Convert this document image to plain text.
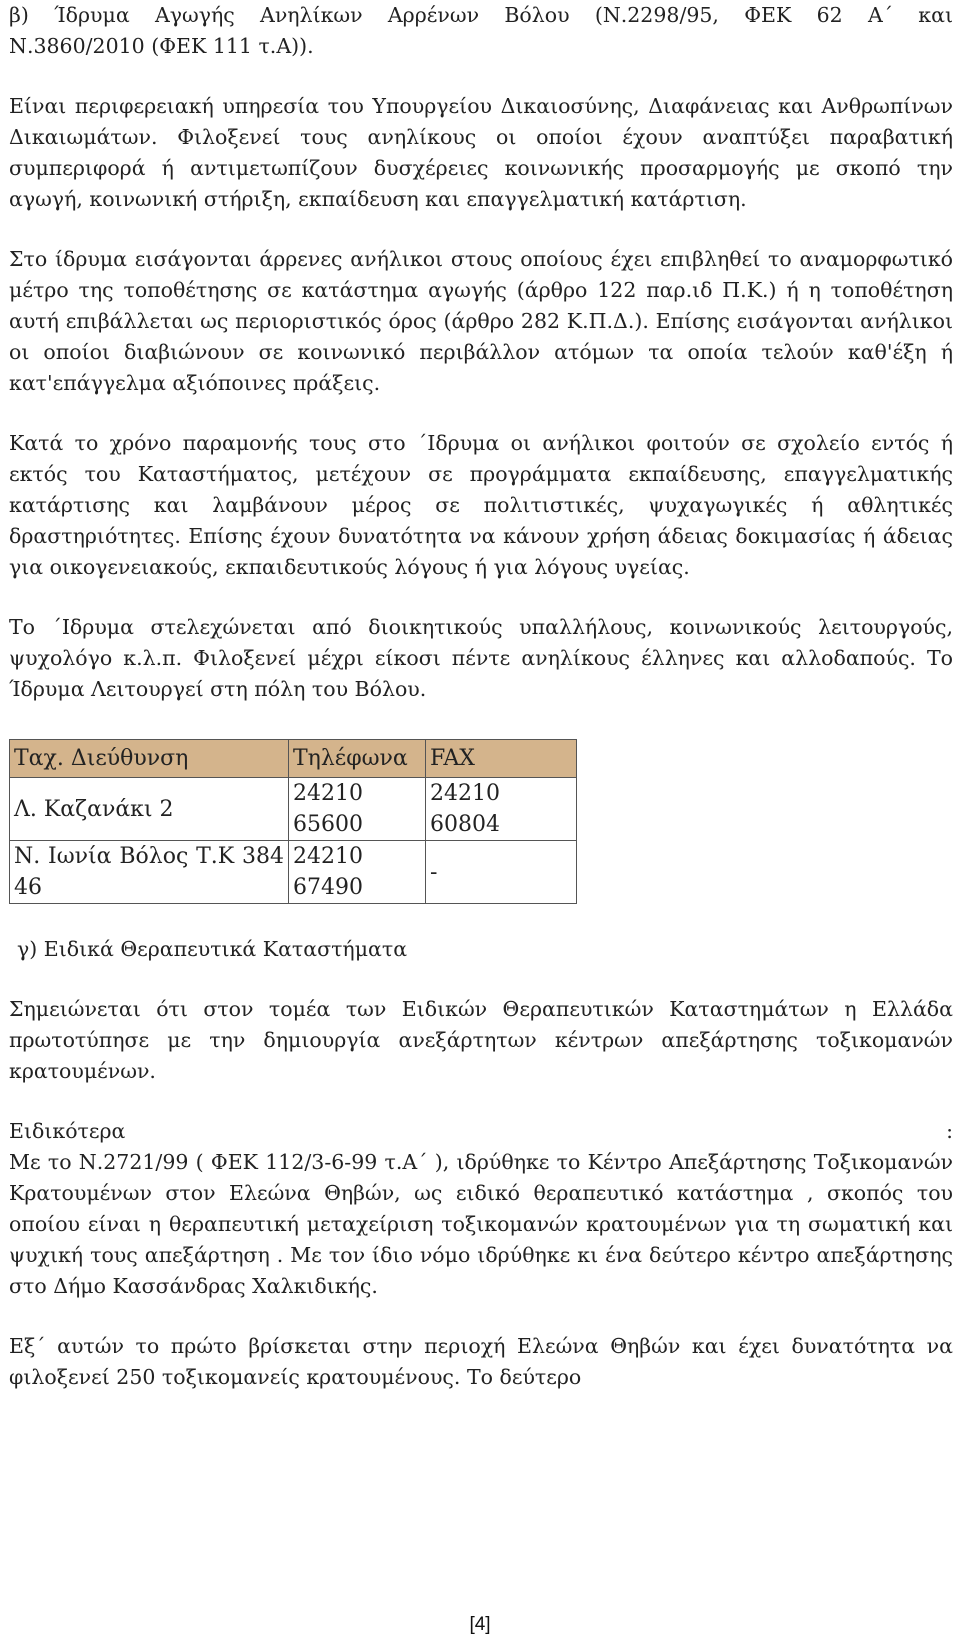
β) Ίδρυμα Αγωγής Ανηλίκων Αρρένων Βόλου (Ν.2298/95, ΦΕΚ 62 Α΄ και

Ν.3860/2010 (ΦΕΚ 111 τ.Α)).

Είναι περιφερειακή υπηρεσία του Υπουργείου Δικαιοσύνης, Διαφάνειας και Ανθρωπίνων Δικαιωμάτων. Φιλοξενεί τους ανηλίκους οι οποίοι έχουν αναπτύξει παραβατική συμπεριφορά ή αντιμετωπίζουν δυσχέρειες κοινωνικής προσαρμογής με σκοπό την αγωγή, κοινωνική στήριξη, εκπαίδευση και επαγγελματική κατάρτιση.

Στο ίδρυμα εισάγονται άρρενες ανήλικοι στους οποίους έχει επιβληθεί το αναμορφωτικό μέτρο της τοποθέτησης σε κατάστημα αγωγής (άρθρο 122 παρ.ιδ Π.Κ.) ή η τοποθέτηση αυτή επιβάλλεται ως περιοριστικός όρος (άρθρο 282 Κ.Π.Δ.). Επίσης εισάγονται ανήλικοι οι οποίοι διαβιώνουν σε κοινωνικό περιβάλλον ατόμων τα οποία τελούν καθ'έξη ή κατ'επάγγελμα αξιόποινες πράξεις.

Κατά το χρόνο παραμονής τους στο ΄Ιδρυμα οι ανήλικοι φοιτούν σε σχολείο εντός ή εκτός του Καταστήματος, μετέχουν σε προγράμματα εκπαίδευσης, επαγγελματικής κατάρτισης και λαμβάνουν μέρος σε πολιτιστικές, ψυχαγωγικές ή αθλητικές δραστηριότητες. Επίσης έχουν δυνατότητα να κάνουν χρήση άδειας δοκιμασίας ή άδειας για οικογενειακούς, εκπαιδευτικούς λόγους ή για λόγους υγείας.

Το ΄Ιδρυμα στελεχώνεται από διοικητικούς υπαλλήλους, κοινωνικούς λειτουργούς, ψυχολόγο κ.λ.π. Φιλοξενεί μέχρι είκοσι πέντε ανηλίκους έλληνες και αλλοδαπούς. Το Ίδρυμα Λειτουργεί στη πόλη του Βόλου.

Ταχ. Διεύθυνση	Τηλέφωνα	FAX
Λ. Καζανάκι 2	24210 65600	24210 60804
Ν. Ιωνία Βόλος Τ.Κ 384 46	24210 67490	-

γ) Ειδικά Θεραπευτικά Καταστήματα

Σημειώνεται ότι στον τομέα των Ειδικών Θεραπευτικών Καταστημάτων η Ελλάδα πρωτοτύπησε με την δημιουργία ανεξάρτητων κέντρων απεξάρτησης τοξικομανών κρατουμένων.

Ειδικότερα	:

Με το Ν.2721/99 ( ΦΕΚ 112/3-6-99 τ.Α΄ ), ιδρύθηκε το Κέντρο Απεξάρτησης Τοξικομανών Κρατουμένων στον Ελεώνα Θηβών, ως ειδικό θεραπευτικό κατάστημα , σκοπός του οποίου είναι η θεραπευτική μεταχείριση τοξικομανών κρατουμένων για τη σωματική και ψυχική τους απεξάρτηση . Με τον ίδιο νόμο ιδρύθηκε κι ένα δεύτερο κέντρο απεξάρτησης στο Δήμο Κασσάνδρας Χαλκιδικής.

Εξ΄ αυτών το πρώτο βρίσκεται στην περιοχή Ελεώνα Θηβών και έχει δυνατότητα να φιλοξενεί 250 τοξικομανείς κρατουμένους. Το δεύτερο

[4]
